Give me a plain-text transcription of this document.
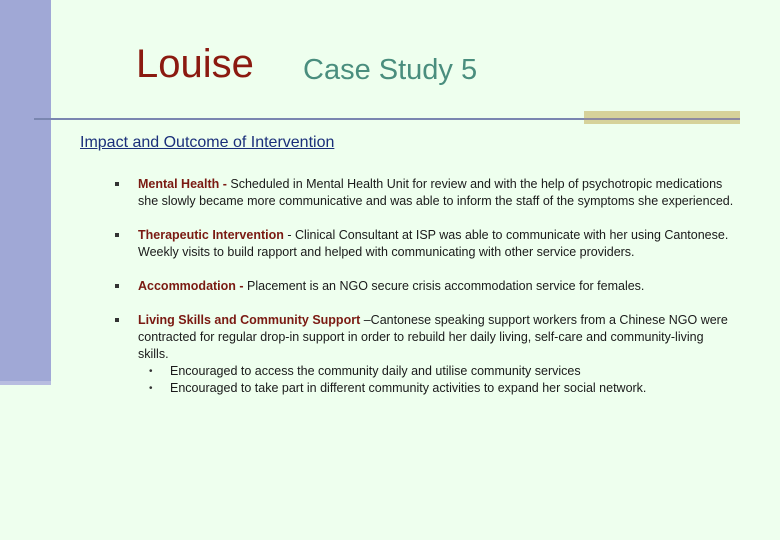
Louise Case Study 5
Impact and Outcome of Intervention
Mental Health - Scheduled in Mental Health Unit for review and with the help of psychotropic medications she slowly became more communicative and was able to inform the staff of the symptoms she experienced.
Therapeutic Intervention - Clinical Consultant at ISP was able to communicate with her using Cantonese. Weekly visits to build rapport and helped with communicating with other service providers.
Accommodation - Placement is an NGO secure crisis accommodation service for females.
Living Skills and Community Support –Cantonese speaking support workers from a Chinese NGO were contracted for regular drop-in support in order to rebuild her daily living, self-care and community-living skills.
• Encouraged to access the community daily and utilise community services
• Encouraged to take part in different community activities to expand her social network.
